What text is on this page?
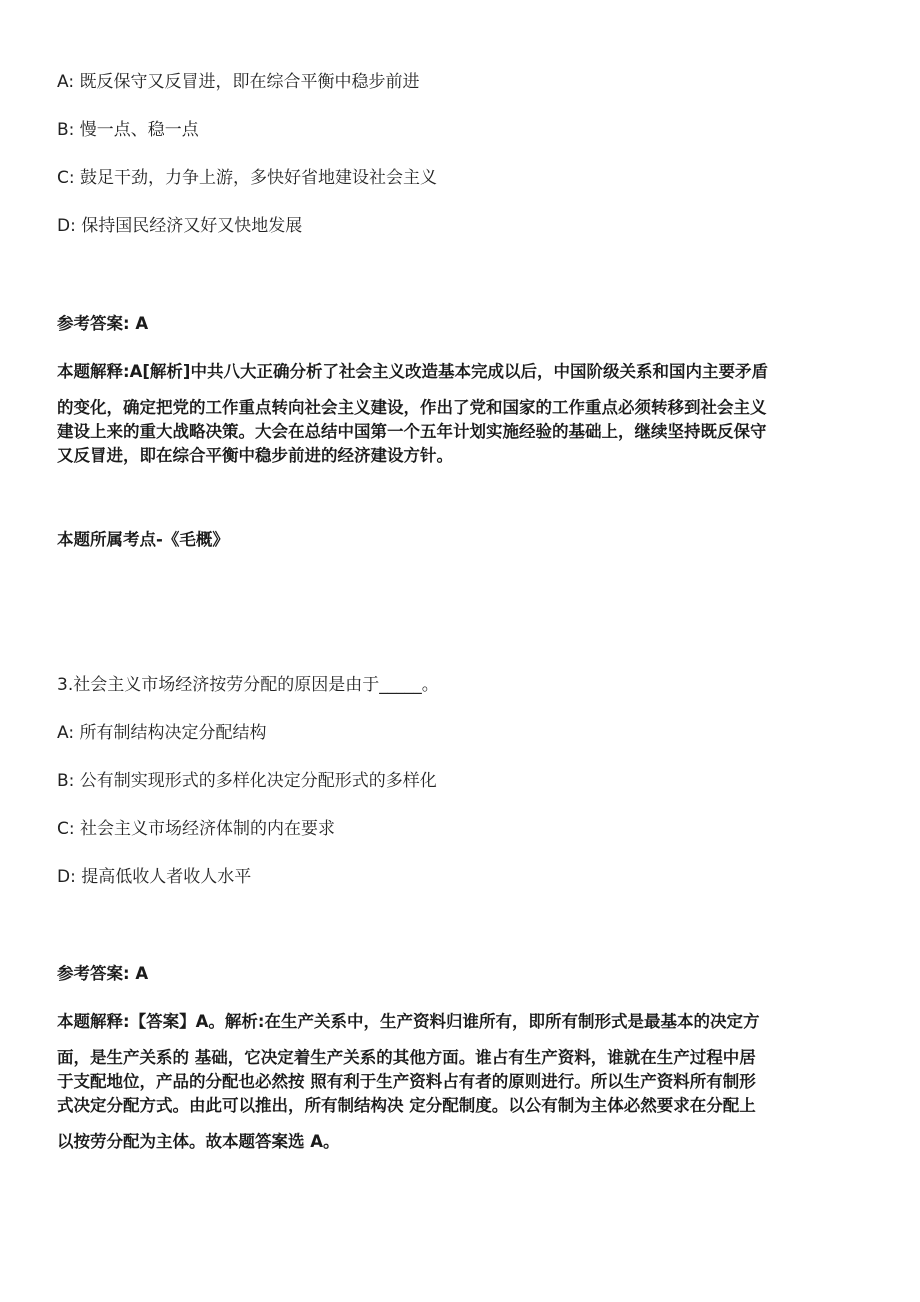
A: 既反保守又反冒进，即在综合平衡中稳步前进
B: 慢一点、稳一点
C: 鼓足干劲，力争上游，多快好省地建设社会主义
D: 保持国民经济又好又快地发展
参考答案: A
本题解释:A[解析]中共八大正确分析了社会主义改造基本完成以后，中国阶级关系和国内主要矛盾
的变化，确定把党的工作重点转向社会主义建设，作出了党和国家的工作重点必须转移到社会主义
建设上来的重大战略决策。大会在总结中国第一个五年计划实施经验的基础上，继续坚持既反保守
又反冒进，即在综合平衡中稳步前进的经济建设方针。
本题所属考点-《毛概》
3.社会主义市场经济按劳分配的原因是由于_____。
A: 所有制结构决定分配结构
B: 公有制实现形式的多样化决定分配形式的多样化
C: 社会主义市场经济体制的内在要求
D: 提高低收人者收人水平
参考答案: A
本题解释:【答案】A。解析:在生产关系中，生产资料归谁所有，即所有制形式是最基本的决定方
面，是生产关系的 基础，它决定着生产关系的其他方面。谁占有生产资料，谁就在生产过程中居
于支配地位，产品的分配也必然按 照有利于生产资料占有者的原则进行。所以生产资料所有制形
式决定分配方式。由此可以推出，所有制结构决 定分配制度。以公有制为主体必然要求在分配上
以按劳分配为主体。故本题答案选 A。
